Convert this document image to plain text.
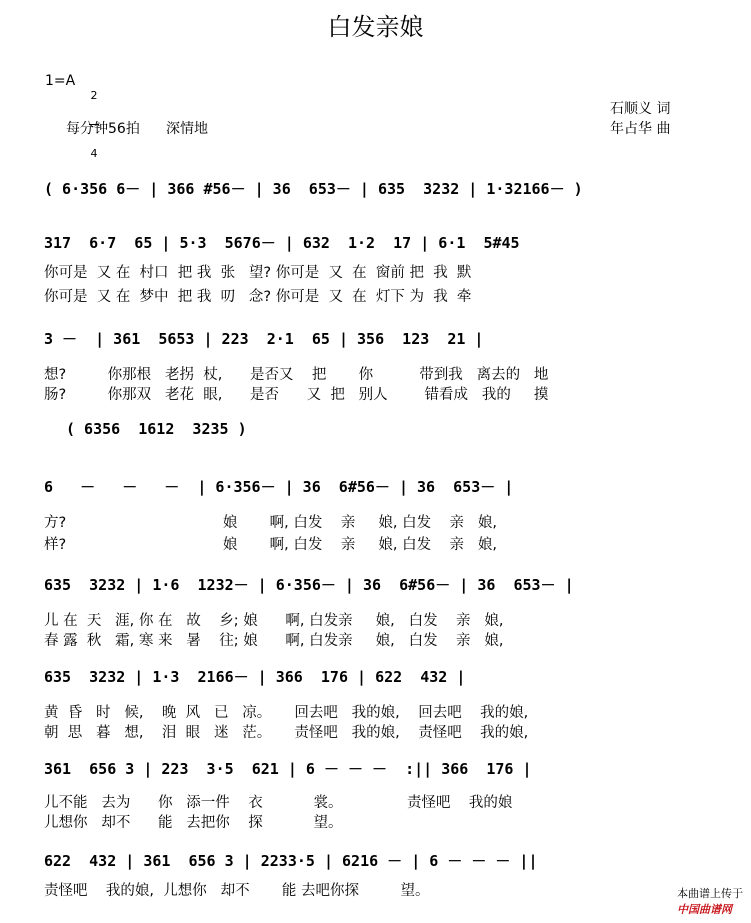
白发亲娘
1=A

2

4

每分钟56拍 深情地
石顺义 词
年占华 曲
( 6·356 6－ | 366 #56－ | 36  653－ | 635  3232 | 1·32166－ )
317  6·7  65 | 5·3  5676－ | 632  1·2  17 | 6·1  5#45
你可是  又 在  村口  把 我  张   望? 你可是  又  在  窗前 把  我  默
你可是  又 在  梦中  把 我  叨   念? 你可是  又  在  灯下 为  我  牵
3 －  | 361  5653 | 223  2·1  65 | 356  123  21 |
想?         你那根   老拐  杖,      是否又    把       你          带到我   离去的   地
肠?         你那双   老花  眼,      是否      又  把   别人        错看成   我的     摸
( 6356  1612  3235 )
6   －   －   －  | 6·356－ | 36  6#56－ | 36  653－ |
方?                                  娘       啊, 白发    亲     娘, 白发    亲   娘,
样?                                  娘       啊, 白发    亲     娘, 白发    亲   娘,
635  3232 | 1·6  1232－ | 6·356－ | 36  6#56－ | 36  653－ |
儿 在  天   涯, 你 在   故    乡; 娘      啊, 白发亲     娘,   白发    亲   娘,
春 露  秋   霜, 寒 来   暑    往; 娘      啊, 白发亲     娘,   白发    亲   娘,
635  3232 | 1·3  2166－ | 366  176 | 622  432 |
黄  昏   时   候,    晚  风   已   凉。     回去吧   我的娘,    回去吧    我的娘,
朝  思   暮   想,    泪  眼   迷   茫。     责怪吧   我的娘,    责怪吧    我的娘,
361  656 3 | 223  3·5  621 | 6 － － －  :|| 366  176 |
儿不能   去为      你   添一件    衣           裳。              责怪吧    我的娘
儿想你   却不      能   去把你    探           望。
622  432 | 361  656 3 | 2233·5 | 6216 － | 6 － － － ||
责怪吧    我的娘,  儿想你   却不       能 去吧你探         望。	本曲谱上传于
中国曲谱网
